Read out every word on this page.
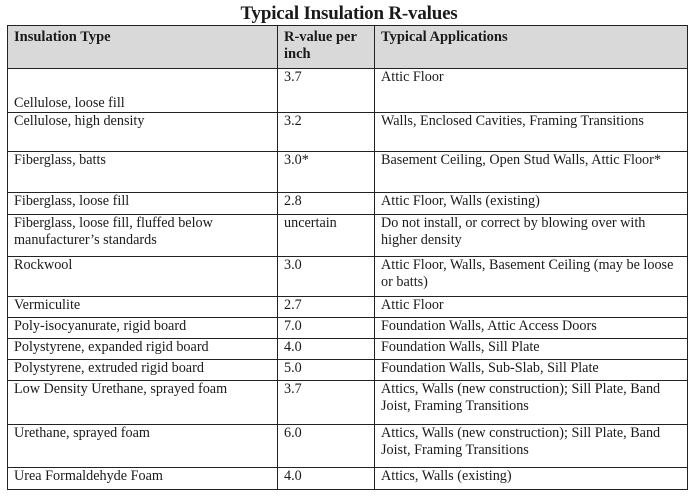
Typical Insulation R-values
Insulation Type	R-value per inch	Typical Applications
Cellulose, loose fill	3.7	Attic Floor
Cellulose, high density	3.2	Walls, Enclosed Cavities, Framing Transitions
Fiberglass, batts	3.0*	Basement Ceiling, Open Stud Walls, Attic Floor*
Fiberglass, loose fill	2.8	Attic Floor, Walls (existing)
Fiberglass, loose fill, fluffed below manufacturer’s standards	uncertain	Do not install, or correct by blowing over with higher density
Rockwool	3.0	Attic Floor, Walls, Basement Ceiling (may be loose or batts)
Vermiculite	2.7	Attic Floor
Poly-isocyanurate, rigid board	7.0	Foundation Walls, Attic Access Doors
Polystyrene, expanded rigid board	4.0	Foundation Walls, Sill Plate
Polystyrene, extruded rigid board	5.0	Foundation Walls, Sub-Slab, Sill Plate
Low Density Urethane, sprayed foam	3.7	Attics, Walls (new construction); Sill Plate, Band Joist, Framing Transitions
Urethane, sprayed foam	6.0	Attics, Walls (new construction); Sill Plate, Band Joist, Framing Transitions
Urea Formaldehyde Foam	4.0	Attics, Walls (existing)
